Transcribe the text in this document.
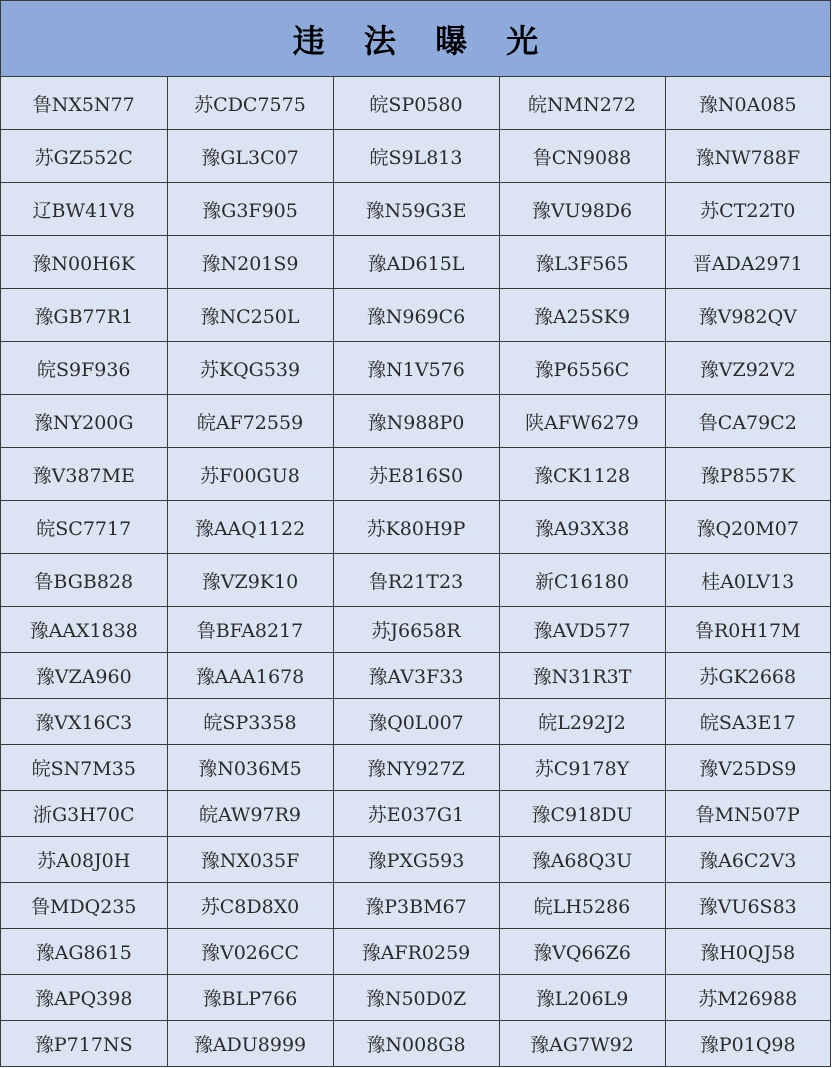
违 法 曝 光
鲁NX5N77	苏CDC7575	皖SP0580	皖NMN272	豫N0A085
苏GZ552C	豫GL3C07	皖S9L813	鲁CN9088	豫NW788F
辽BW41V8	豫G3F905	豫N59G3E	豫VU98D6	苏CT22T0
豫N00H6K	豫N201S9	豫AD615L	豫L3F565	晋ADA2971
豫GB77R1	豫NC250L	豫N969C6	豫A25SK9	豫V982QV
皖S9F936	苏KQG539	豫N1V576	豫P6556C	豫VZ92V2
豫NY200G	皖AF72559	豫N988P0	陕AFW6279	鲁CA79C2
豫V387ME	苏F00GU8	苏E816S0	豫CK1128	豫P8557K
皖SC7717	豫AAQ1122	苏K80H9P	豫A93X38	豫Q20M07
鲁BGB828	豫VZ9K10	鲁R21T23	新C16180	桂A0LV13
豫AAX1838	鲁BFA8217	苏J6658R	豫AVD577	鲁R0H17M
豫VZA960	豫AAA1678	豫AV3F33	豫N31R3T	苏GK2668
豫VX16C3	皖SP3358	豫Q0L007	皖L292J2	皖SA3E17
皖SN7M35	豫N036M5	豫NY927Z	苏C9178Y	豫V25DS9
浙G3H70C	皖AW97R9	苏E037G1	豫C918DU	鲁MN507P
苏A08J0H	豫NX035F	豫PXG593	豫A68Q3U	豫A6C2V3
鲁MDQ235	苏C8D8X0	豫P3BM67	皖LH5286	豫VU6S83
豫AG8615	豫V026CC	豫AFR0259	豫VQ66Z6	豫H0QJ58
豫APQ398	豫BLP766	豫N50D0Z	豫L206L9	苏M26988
豫P717NS	豫ADU8999	豫N008G8	豫AG7W92	豫P01Q98
